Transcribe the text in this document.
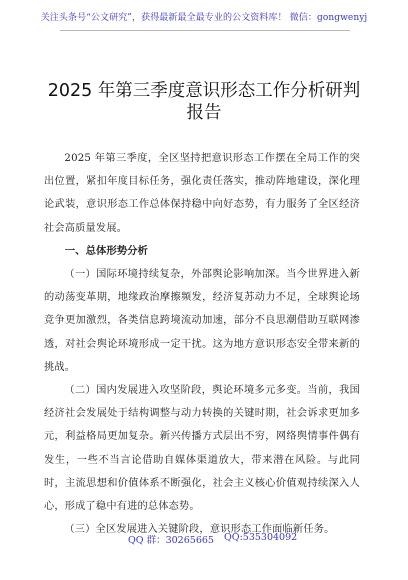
关注头条号“公文研究”，获得最新最全最专业的公文资料库！ 微信：gongwenyj
2025 年第三季度意识形态工作分析研判报告

2025 年第三季度，全区坚持把意识形态工作摆在全局工作的突出位置，紧扣年度目标任务，强化责任落实，推动阵地建设，深化理论武装，意识形态工作总体保持稳中向好态势，有力服务了全区经济社会高质量发展。

一、总体形势分析

（一）国际环境持续复杂，外部舆论影响加深。当今世界进入新的动荡变革期，地缘政治摩擦频发，经济复苏动力不足，全球舆论场竞争更加激烈，各类信息跨境流动加速，部分不良思潮借助互联网渗透，对社会舆论环境形成一定干扰。这为地方意识形态安全带来新的挑战。

（二）国内发展进入攻坚阶段，舆论环境多元多变。当前，我国经济社会发展处于结构调整与动力转换的关键时期，社会诉求更加多元，利益格局更加复杂。新兴传播方式层出不穷，网络舆情事件偶有发生，一些不当言论借助自媒体渠道放大，带来潜在风险。与此同时，主流思想和价值体系不断强化，社会主义核心价值观持续深入人心，形成了稳中有进的总体态势。

（三）全区发展进入关键阶段，意识形态工作面临新任务。

QQ 群：30265665 QQ:535304092
